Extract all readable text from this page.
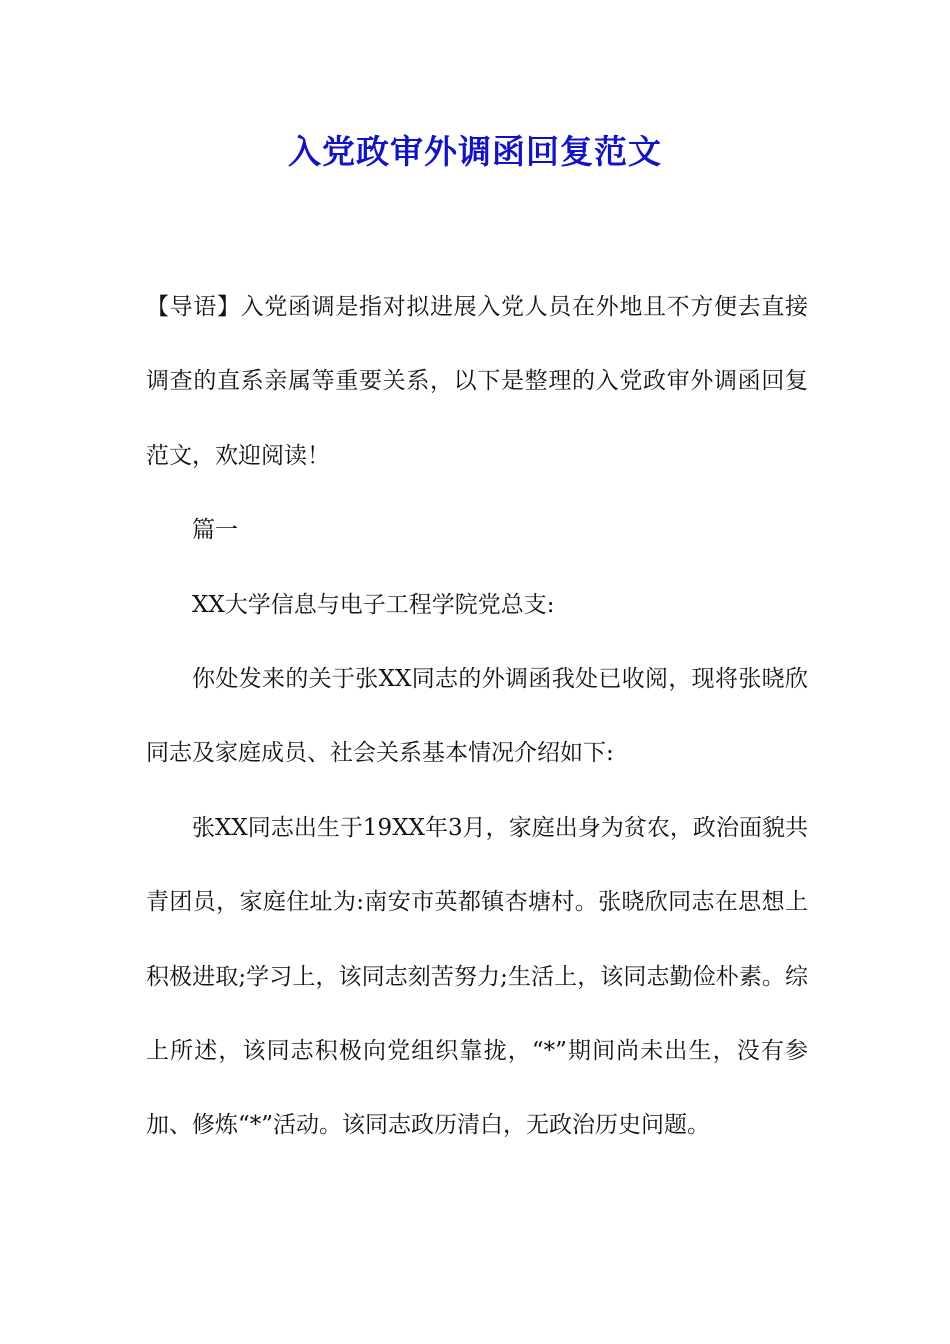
入党政审外调函回复范文

【导语】入党函调是指对拟进展入党人员在外地且不方便去直接调查的直系亲属等重要关系，以下是整理的入党政审外调函回复范文，欢迎阅读！

篇一

XX大学信息与电子工程学院党总支:

你处发来的关于张XX同志的外调函我处已收阅，现将张晓欣同志及家庭成员、社会关系基本情况介绍如下:

张XX同志出生于19XX年3月，家庭出身为贫农，政治面貌共青团员，家庭住址为:南安市英都镇杏塘村。张晓欣同志在思想上积极进取;学习上，该同志刻苦努力;生活上，该同志勤俭朴素。综上所述，该同志积极向党组织靠拢，“*”期间尚未出生，没有参加、修炼“*”活动。该同志政历清白，无政治历史问题。
